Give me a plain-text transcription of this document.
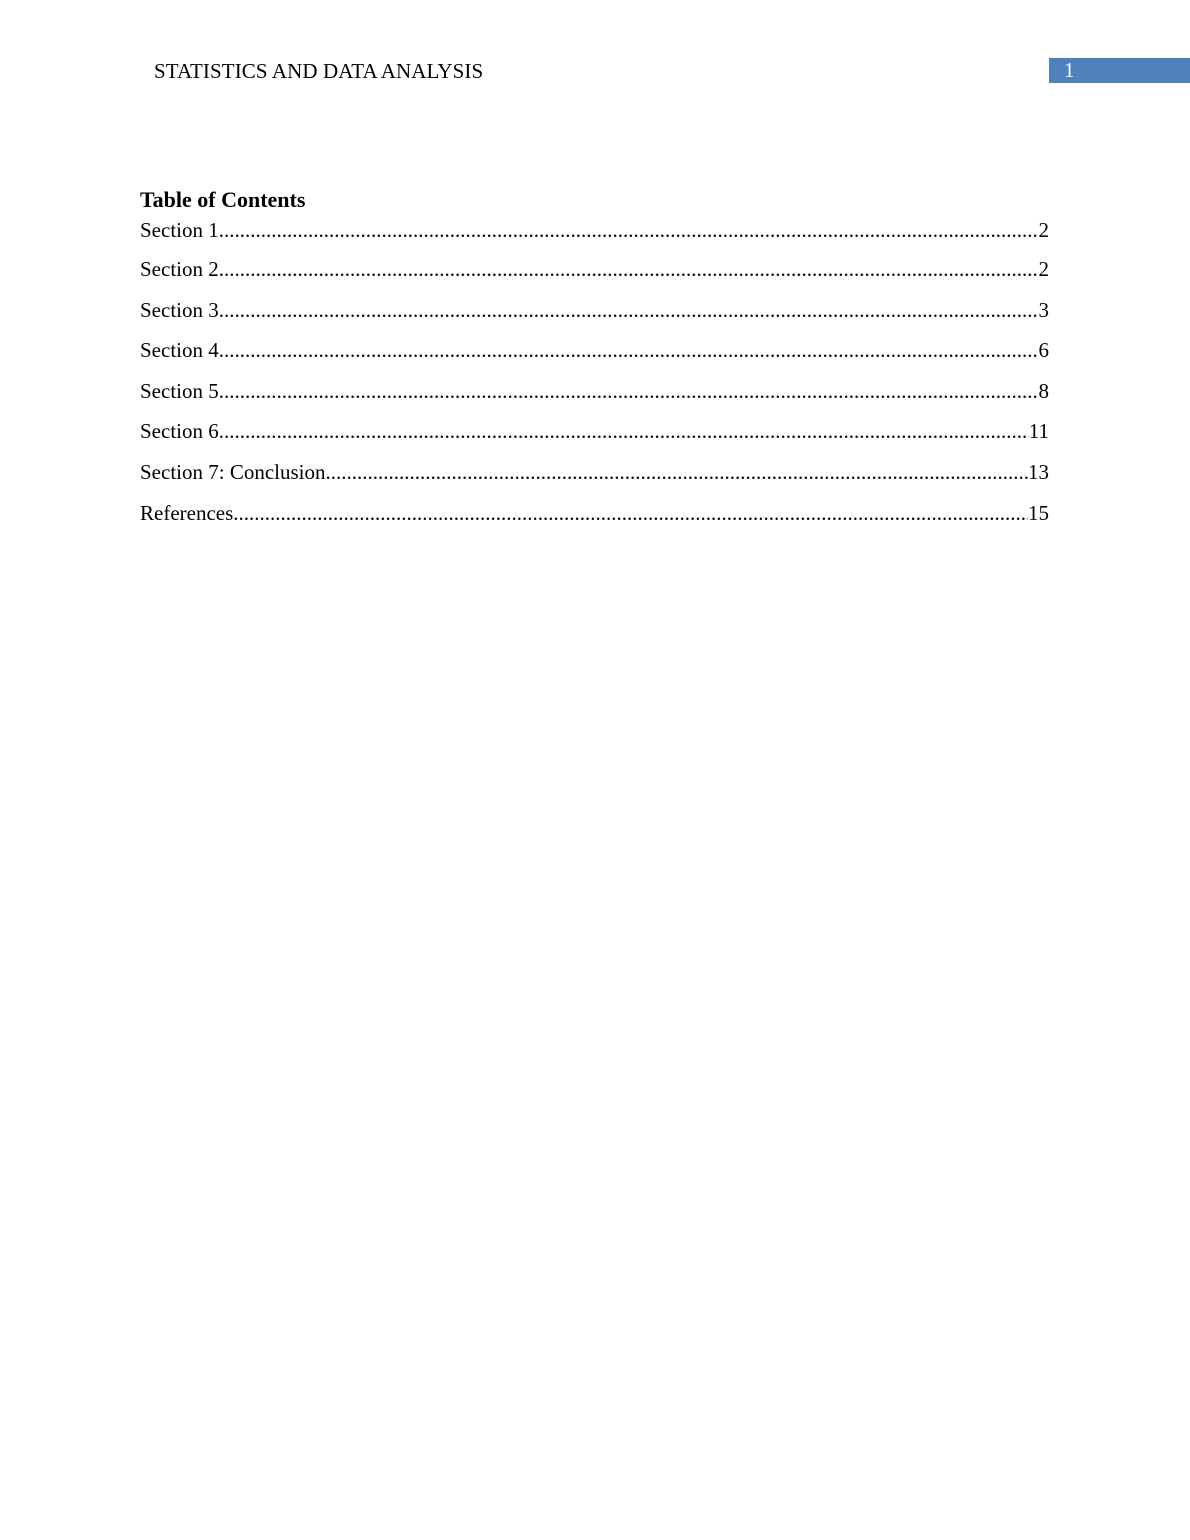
STATISTICS AND DATA ANALYSIS	1
Table of Contents
Section 1 .....	2
Section 2 .....	2
Section 3 .....	3
Section 4 .....	6
Section 5 .....	8
Section 6 .....	11
Section 7: Conclusion .....	13
References .....	15
